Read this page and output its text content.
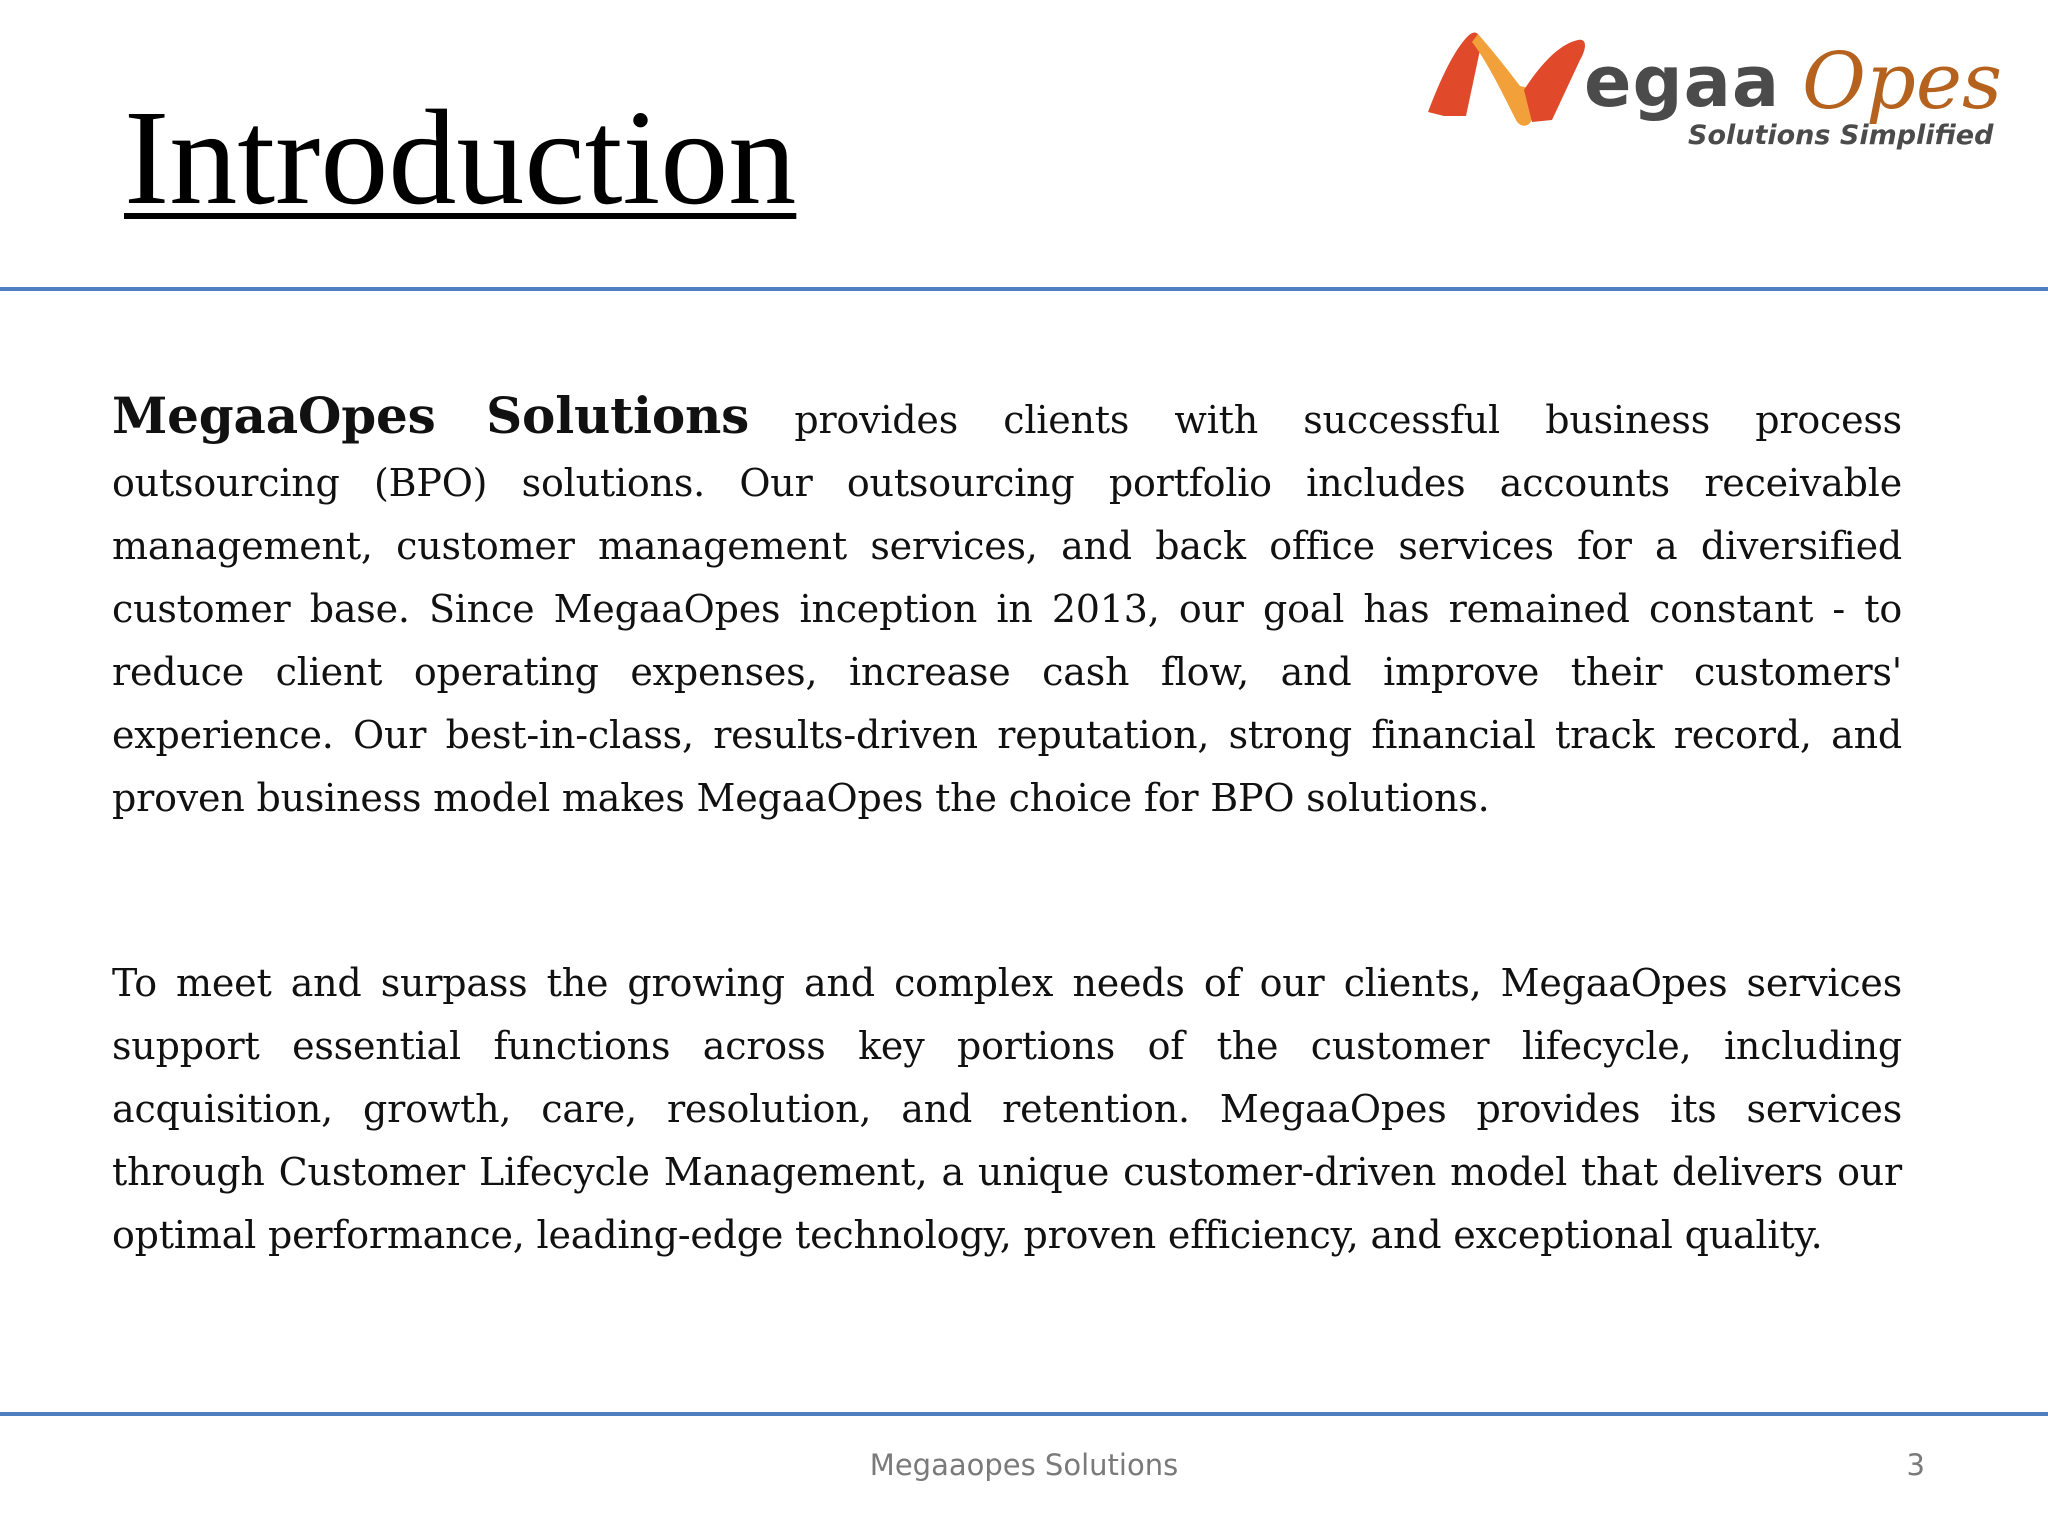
Introduction
egaa Opes
Solutions Simplified

MegaaOpes Solutions provides clients with successful business process outsourcing (BPO) solutions. Our outsourcing portfolio includes accounts receivable management, customer management services, and back office services for a diversified customer base. Since MegaaOpes inception in 2013, our goal has remained constant - to reduce client operating expenses, increase cash flow, and improve their customers' experience. Our best-in-class, results-driven reputation, strong financial track record, and proven business model makes MegaaOpes the choice for BPO solutions.

To meet and surpass the growing and complex needs of our clients, MegaaOpes services support essential functions across key portions of the customer lifecycle, including acquisition, growth, care, resolution, and retention. MegaaOpes provides its services through Customer Lifecycle Management, a unique customer-driven model that delivers our optimal performance, leading-edge technology, proven efficiency, and exceptional quality.

Megaaopes Solutions	3
